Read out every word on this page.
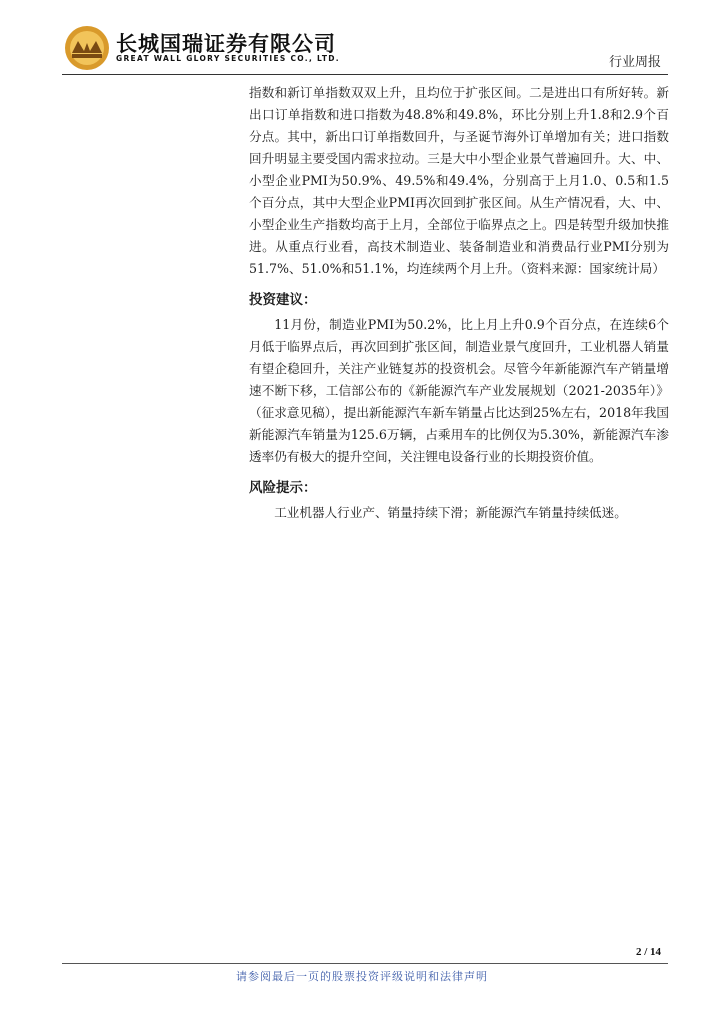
长城国瑞证券有限公司
GREAT WALL GLORY SECURITIES CO., LTD.	行业周报

指数和新订单指数双双上升，且均位于扩张区间。二是进出口有所好转。新出口订单指数和进口指数为48.8%和49.8%，环比分别上升1.8和2.9个百分点。其中，新出口订单指数回升，与圣诞节海外订单增加有关；进口指数回升明显主要受国内需求拉动。三是大中小型企业景气普遍回升。大、中、小型企业PMI为50.9%、49.5%和49.4%，分别高于上月1.0、0.5和1.5个百分点，其中大型企业PMI再次回到扩张区间。从生产情况看，大、中、小型企业生产指数均高于上月，全部位于临界点之上。四是转型升级加快推进。从重点行业看，高技术制造业、装备制造业和消费品行业PMI分别为51.7%、51.0%和51.1%，均连续两个月上升。（资料来源：国家统计局）

投资建议：

11月份，制造业PMI为50.2%，比上月上升0.9个百分点，在连续6个月低于临界点后，再次回到扩张区间，制造业景气度回升，工业机器人销量有望企稳回升，关注产业链复苏的投资机会。尽管今年新能源汽车产销量增速不断下移，工信部公布的《新能源汽车产业发展规划（2021-2035年）》（征求意见稿），提出新能源汽车新车销量占比达到25%左右，2018年我国新能源汽车销量为125.6万辆，占乘用车的比例仅为5.30%，新能源汽车渗透率仍有极大的提升空间，关注锂电设备行业的长期投资价值。

风险提示：

工业机器人行业产、销量持续下滑；新能源汽车销量持续低迷。

2 / 14
请参阅最后一页的股票投资评级说明和法律声明
